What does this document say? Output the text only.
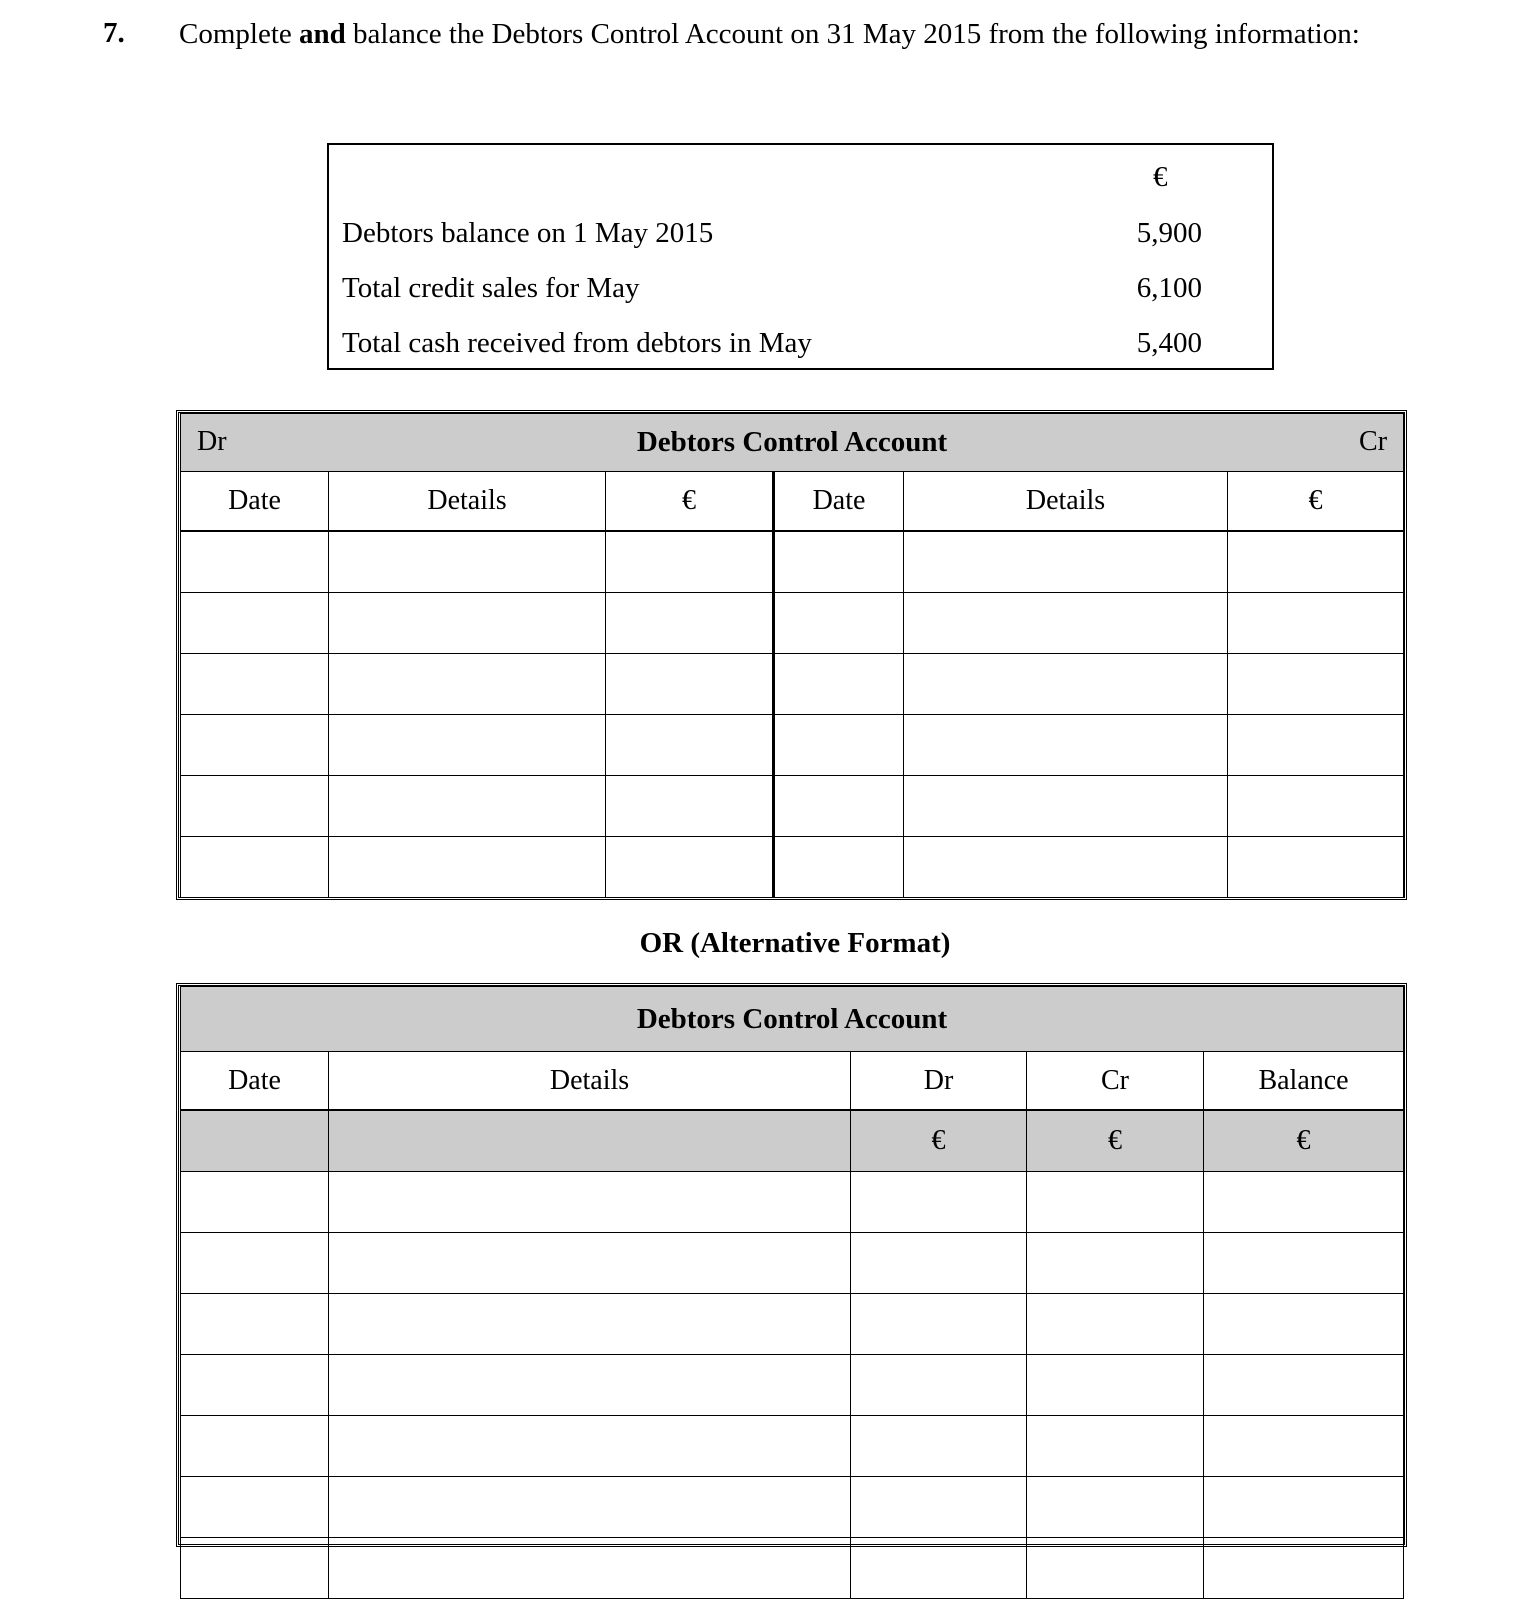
7. Complete and balance the Debtors Control Account on 31 May 2015 from the following information:
€
Debtors balance on 1 May 2015	5,900
Total credit sales for May	6,100
Total cash received from debtors in May	5,400
Dr Debtors Control Account Cr					

Date	Details	€	Date	Details	€

OR (Alternative Format)
Debtors Control Account				
Date	Details	Dr	Cr	Balance
		€	€	€
